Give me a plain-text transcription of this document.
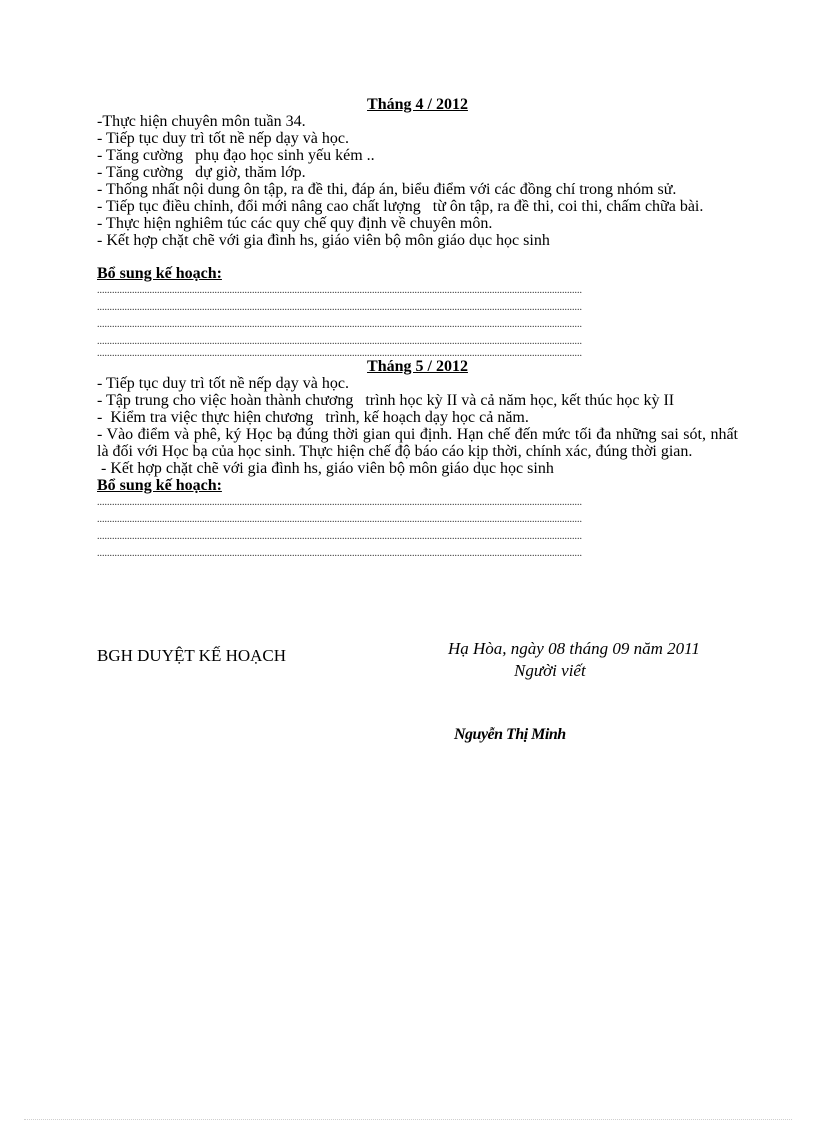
Tháng 4 / 2012

-Thực hiện chuyên môn tuần 34.

- Tiếp tục duy trì tốt nề nếp dạy và học.

- Tăng cường   phụ đạo học sinh yếu kém ..

- Tăng cường   dự giờ, thăm lớp.

- Thống nhất nội dung ôn tập, ra đề thi, đáp án, biểu điểm với các đồng chí trong nhóm sử.

- Tiếp tục điều chỉnh, đổi mới nâng cao chất lượng   từ ôn tập, ra đề thi, coi thi, chấm chữa bài.

- Thực hiện nghiêm túc các quy chế quy định về chuyên môn.

- Kết hợp chặt chẽ với gia đình hs, giáo viên bộ môn giáo dục học sinh

Bổ sung kế hoạch:
..................................................................................................................................................................................................
..................................................................................................................................................................................................
..................................................................................................................................................................................................
..................................................................................................................................................................................................
..................................................................................................................................................................................................
Tháng 5 / 2012

- Tiếp tục duy trì tốt nề nếp dạy và học.

- Tập trung cho việc hoàn thành chương   trình học kỳ II và cả năm học, kết thúc học kỳ II

-  Kiểm tra việc thực hiện chương   trình, kế hoạch dạy học cả năm.

- Vào điểm và phê, ký Học bạ đúng thời gian qui định. Hạn chế đến mức tối đa những sai sót, nhất là đối với Học bạ của học sinh. Thực hiện chế độ báo cáo kịp thời, chính xác, đúng thời gian.

- Kết hợp chặt chẽ với gia đình hs, giáo viên bộ môn giáo dục học sinh

Bổ sung kế hoạch:
..................................................................................................................................................................................................
..................................................................................................................................................................................................
..................................................................................................................................................................................................
..................................................................................................................................................................................................
BGH DUYỆT KẾ HOẠCH	Hạ Hòa, ngày 08 tháng 09 năm 2011
Người viết
Nguyễn Thị Minh
